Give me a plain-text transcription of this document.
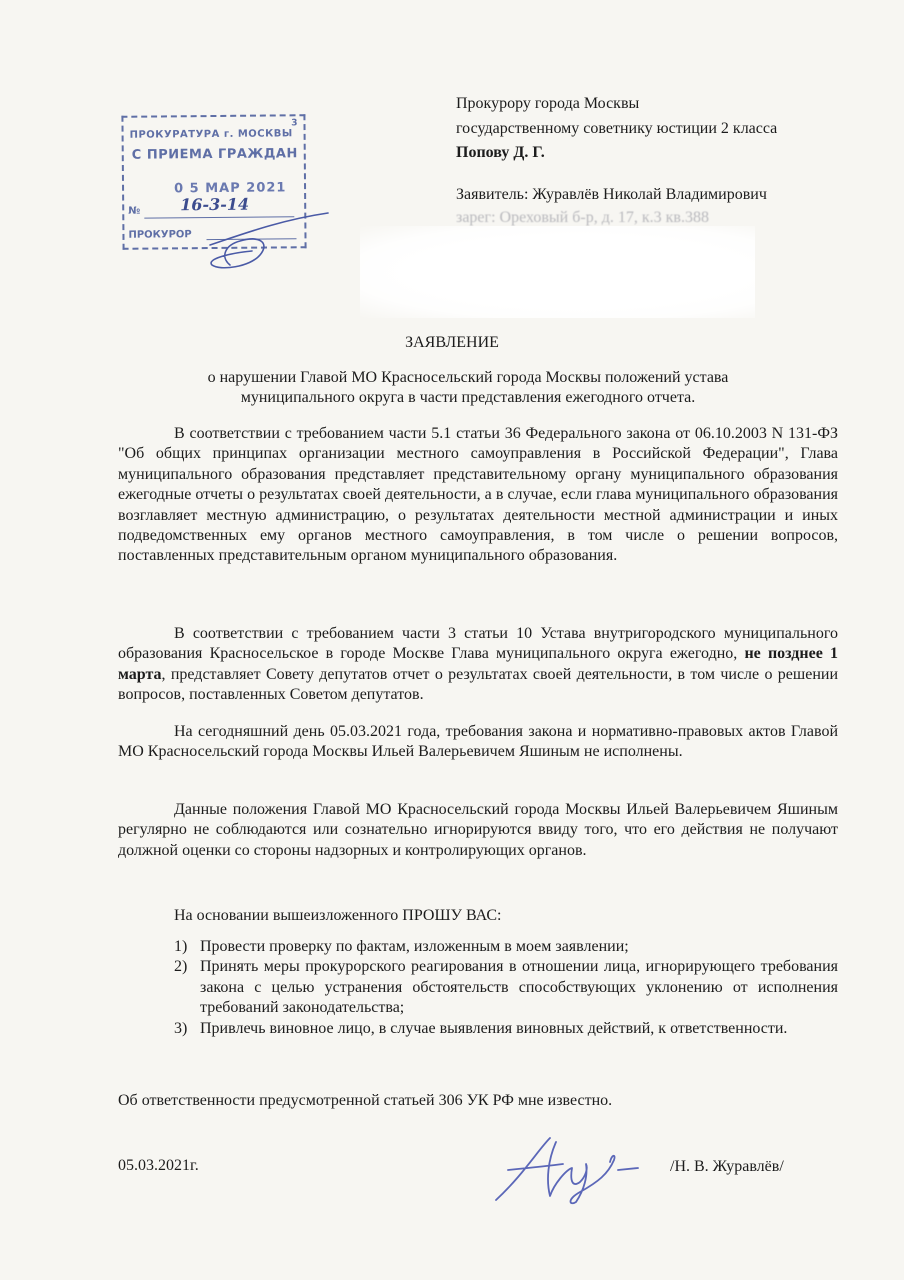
3
ПРОКУРАТУРА г. МОСКВЫ
С ПРИЕМА ГРАЖДАН
0 5 МАР 2021
№ 16-3-14
ПРОКУРОР
Прокурору города Москвы
государственному советнику юстиции 2 класса
Попову Д. Г.
Заявитель: Журавлёв Николай Владимирович
зарег: Ореховый б-р, д. 17, к.3 кв.388
ЗАЯВЛЕНИЕ
о нарушении Главой МО Красносельский города Москвы положений устава муниципального округа в части представления ежегодного отчета.
В соответствии с требованием части 5.1 статьи 36 Федерального закона от 06.10.2003 N 131-ФЗ "Об общих принципах организации местного самоуправления в Российской Федерации", Глава муниципального образования представляет представительному органу муниципального образования ежегодные отчеты о результатах своей деятельности, а в случае, если глава муниципального образования возглавляет местную администрацию, о результатах деятельности местной администрации и иных подведомственных ему органов местного самоуправления, в том числе о решении вопросов, поставленных представительным органом муниципального образования.
В соответствии с требованием части 3 статьи 10 Устава внутригородского муниципального образования Красносельское в городе Москве Глава муниципального округа ежегодно, не позднее 1 марта, представляет Совету депутатов отчет о результатах своей деятельности, в том числе о решении вопросов, поставленных Советом депутатов.
На сегодняшний день 05.03.2021 года, требования закона и нормативно-правовых актов Главой МО Красносельский города Москвы Ильей Валерьевичем Яшиным не исполнены.
Данные положения Главой МО Красносельский города Москвы Ильей Валерьевичем Яшиным регулярно не соблюдаются или сознательно игнорируются ввиду того, что его действия не получают должной оценки со стороны надзорных и контролирующих органов.
На основании вышеизложенного ПРОШУ ВАС:
1) Провести проверку по фактам, изложенным в моем заявлении;
2) Принять меры прокурорского реагирования в отношении лица, игнорирующего требования закона с целью устранения обстоятельств способствующих уклонению от исполнения требований законодательства;
3) Привлечь виновное лицо, в случае выявления виновных действий, к ответственности.
Об ответственности предусмотренной статьей 306 УК РФ мне известно.
05.03.2021г.	/Н. В. Журавлёв/
